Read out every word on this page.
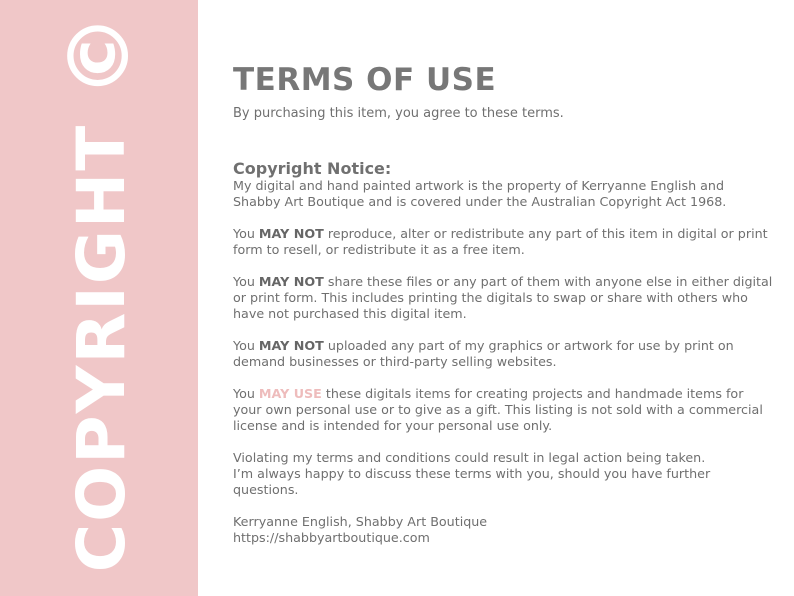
COPYRIGHT©	TERMS OF USE

By purchasing this item, you agree to these terms.

Copyright Notice:

My digital and hand painted artwork is the property of Kerryanne English and Shabby Art Boutique and is covered under the Australian Copyright Act 1968.

You MAY NOT reproduce, alter or redistribute any part of this item in digital or print form to resell, or redistribute it as a free item.

You MAY NOT share these files or any part of them with anyone else in either digital or print form. This includes printing the digitals to swap or share with others who have not purchased this digital item.

You MAY NOT uploaded any part of my graphics or artwork for use by print on demand businesses or third-party selling websites.

You MAY USE these digitals items for creating projects and handmade items for your own personal use or to give as a gift. This listing is not sold with a commercial license and is intended for your personal use only.

Violating my terms and conditions could result in legal action being taken.
I’m always happy to discuss these terms with you, should you have further questions.

Kerryanne English, Shabby Art Boutique
https://shabbyartboutique.com
